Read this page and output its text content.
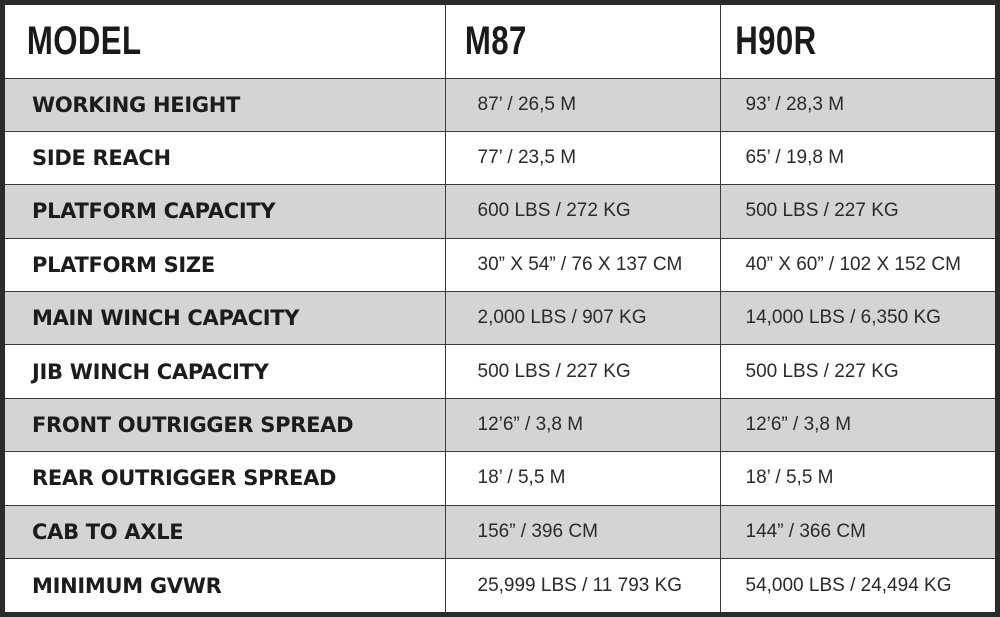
MODEL	M87	H90R
WORKING HEIGHT	87’ / 26,5 M	93’ / 28,3 M
SIDE REACH	77’ / 23,5 M	65’ / 19,8 M
PLATFORM CAPACITY	600 LBS / 272 KG	500 LBS / 227 KG
PLATFORM SIZE	30” X 54” / 76 X 137 CM	40” X 60” / 102 X 152 CM
MAIN WINCH CAPACITY	2,000 LBS / 907 KG	14,000 LBS / 6,350 KG
JIB WINCH CAPACITY	500 LBS / 227 KG	500 LBS / 227 KG
FRONT OUTRIGGER SPREAD	12’6” / 3,8 M	12’6” / 3,8 M
REAR OUTRIGGER SPREAD	18’ / 5,5 M	18’ / 5,5 M
CAB TO AXLE	156” / 396 CM	144” / 366 CM
MINIMUM GVWR	25,999 LBS / 11 793 KG	54,000 LBS / 24,494 KG
